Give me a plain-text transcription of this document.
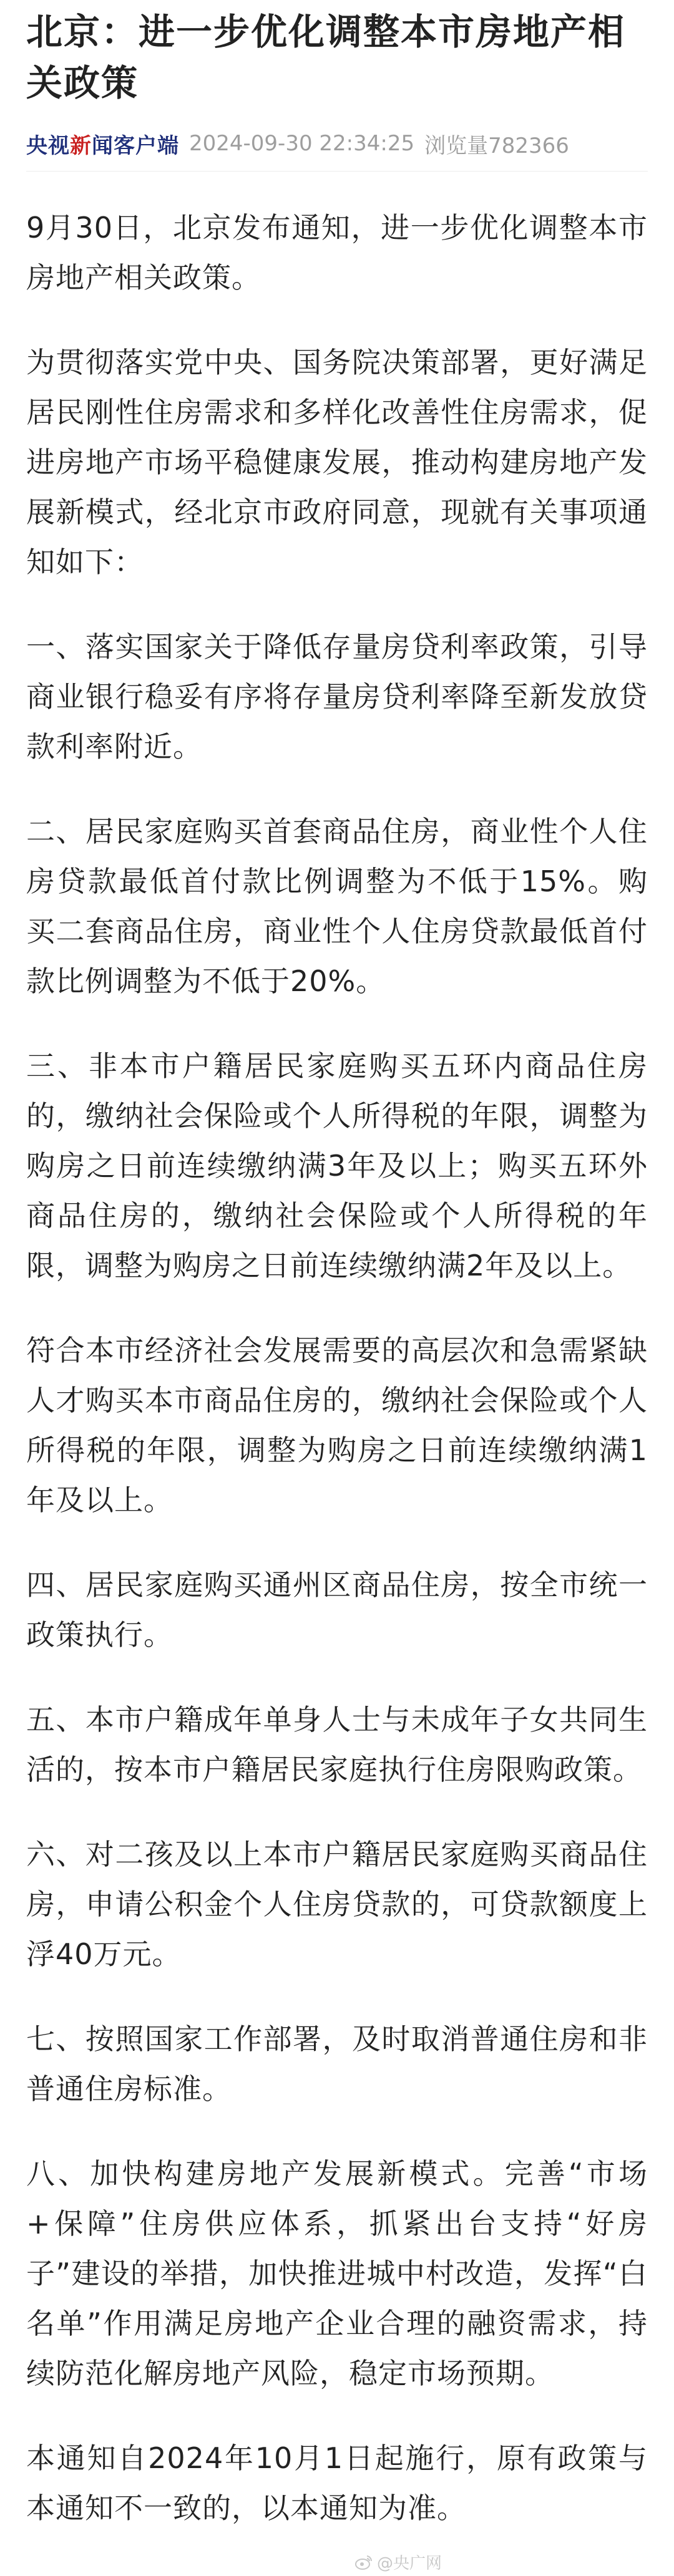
北京：进一步优化调整本市房地产相关政策
央视新闻客户端 2024-09-30 22:34:25 浏览量782366

9月30日，北京发布通知，进一步优化调整本市房地产相关政策。

为贯彻落实党中央、国务院决策部署，更好满足居民刚性住房需求和多样化改善性住房需求，促进房地产市场平稳健康发展，推动构建房地产发展新模式，经北京市政府同意，现就有关事项通知如下：

一、落实国家关于降低存量房贷利率政策，引导商业银行稳妥有序将存量房贷利率降至新发放贷款利率附近。

二、居民家庭购买首套商品住房，商业性个人住房贷款最低首付款比例调整为不低于15%。购买二套商品住房，商业性个人住房贷款最低首付款比例调整为不低于20%。

三、非本市户籍居民家庭购买五环内商品住房的，缴纳社会保险或个人所得税的年限，调整为购房之日前连续缴纳满3年及以上；购买五环外商品住房的，缴纳社会保险或个人所得税的年限，调整为购房之日前连续缴纳满2年及以上。

符合本市经济社会发展需要的高层次和急需紧缺人才购买本市商品住房的，缴纳社会保险或个人所得税的年限，调整为购房之日前连续缴纳满1年及以上。

四、居民家庭购买通州区商品住房，按全市统一政策执行。

五、本市户籍成年单身人士与未成年子女共同生活的，按本市户籍居民家庭执行住房限购政策。

六、对二孩及以上本市户籍居民家庭购买商品住房，申请公积金个人住房贷款的，可贷款额度上浮40万元。

七、按照国家工作部署，及时取消普通住房和非普通住房标准。

八、加快构建房地产发展新模式。完善“市场+保障”住房供应体系，抓紧出台支持“好房子”建设的举措，加快推进城中村改造，发挥“白名单”作用满足房地产企业合理的融资需求，持续防范化解房地产风险，稳定市场预期。

本通知自2024年10月1日起施行，原有政策与本通知不一致的，以本通知为准。

@央广网
